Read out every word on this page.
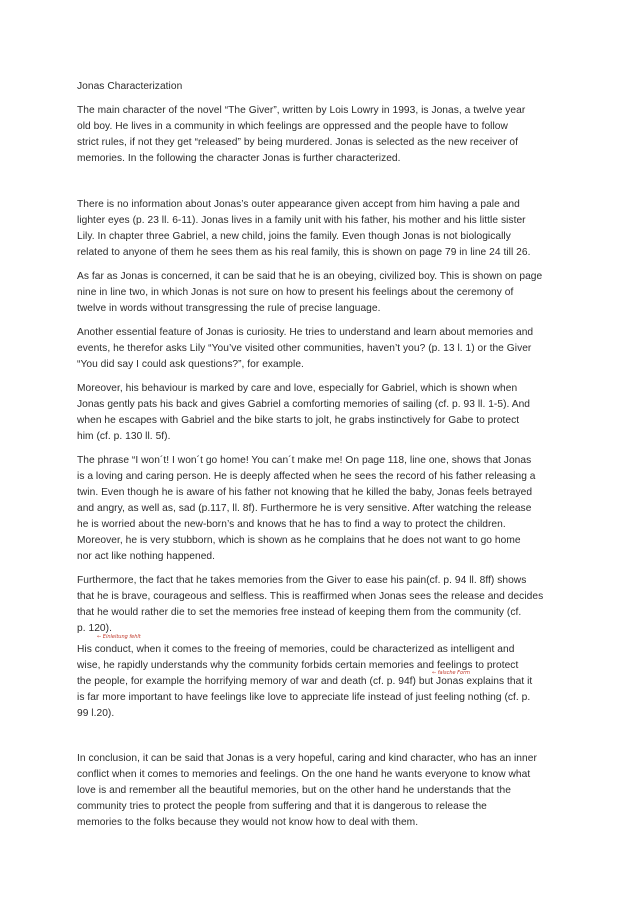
Jonas Characterization

The main character of the novel “The Giver”, written by Lois Lowry in 1993, is Jonas, a twelve year

old boy. He lives in a community in which feelings are oppressed and the people have to follow

strict rules, if not they get “released” by being murdered. Jonas is selected as the new receiver of

memories. In the following the character Jonas is further characterized.

There is no information about Jonas’s outer appearance given accept from him having a pale and

lighter eyes (p. 23 ll. 6-11). Jonas lives in a family unit with his father, his mother and his little sister

Lily. In chapter three Gabriel, a new child, joins the family. Even though Jonas is not biologically

related to anyone of them he sees them as his real family, this is shown on page 79 in line 24 till 26.

As far as Jonas is concerned, it can be said that he is an obeying, civilized boy. This is shown on page

nine in line two, in which Jonas is not sure on how to present his feelings about the ceremony of

twelve in words without transgressing the rule of precise language.

Another essential feature of Jonas is curiosity. He tries to understand and learn about memories and

events, he therefor asks Lily “You’ve visited other communities, haven’t you? (p. 13 l. 1) or the Giver

“You did say I could ask questions?”, for example.

Moreover, his behaviour is marked by care and love, especially for Gabriel, which is shown when

Jonas gently pats his back and gives Gabriel a comforting memories of sailing (cf. p. 93 ll. 1-5). And

when he escapes with Gabriel and the bike starts to jolt, he grabs instinctively for Gabe to protect

him (cf. p. 130 ll. 5f).

The phrase “I won´t! I won´t go home! You can´t make me! On page 118, line one, shows that Jonas

is a loving and caring person. He is deeply affected when he sees the record of his father releasing a

twin. Even though he is aware of his father not knowing that he killed the baby, Jonas feels betrayed

and angry, as well as, sad (p.117, ll. 8f). Furthermore he is very sensitive. After watching the release

he is worried about the new-born’s and knows that he has to find a way to protect the children.

Moreover, he is very stubborn, which is shown as he complains that he does not want to go home

nor act like nothing happened.

Furthermore, the fact that he takes memories from the Giver to ease his pain(cf. p. 94 ll. 8ff) shows

that he is brave, courageous and selfless. This is reaffirmed when Jonas sees the release and decides

that he would rather die to set the memories free instead of keeping them from the community (cf.

p. 120).

← Einleitung fehlt

His conduct, when it comes to the freeing of memories, could be characterized as intelligent and

wise, he rapidly understands why the community forbids certain memories and feelings to protect

← falsche Form

the people, for example the horrifying memory of war and death (cf. p. 94f) but Jonas explains that it

is far more important to have feelings like love to appreciate life instead of just feeling nothing (cf. p.

99 l.20).

In conclusion, it can be said that Jonas is a very hopeful, caring and kind character, who has an inner

conflict when it comes to memories and feelings. On the one hand he wants everyone to know what

love is and remember all the beautiful memories, but on the other hand he understands that the

community tries to protect the people from suffering and that it is dangerous to release the

memories to the folks because they would not know how to deal with them.
